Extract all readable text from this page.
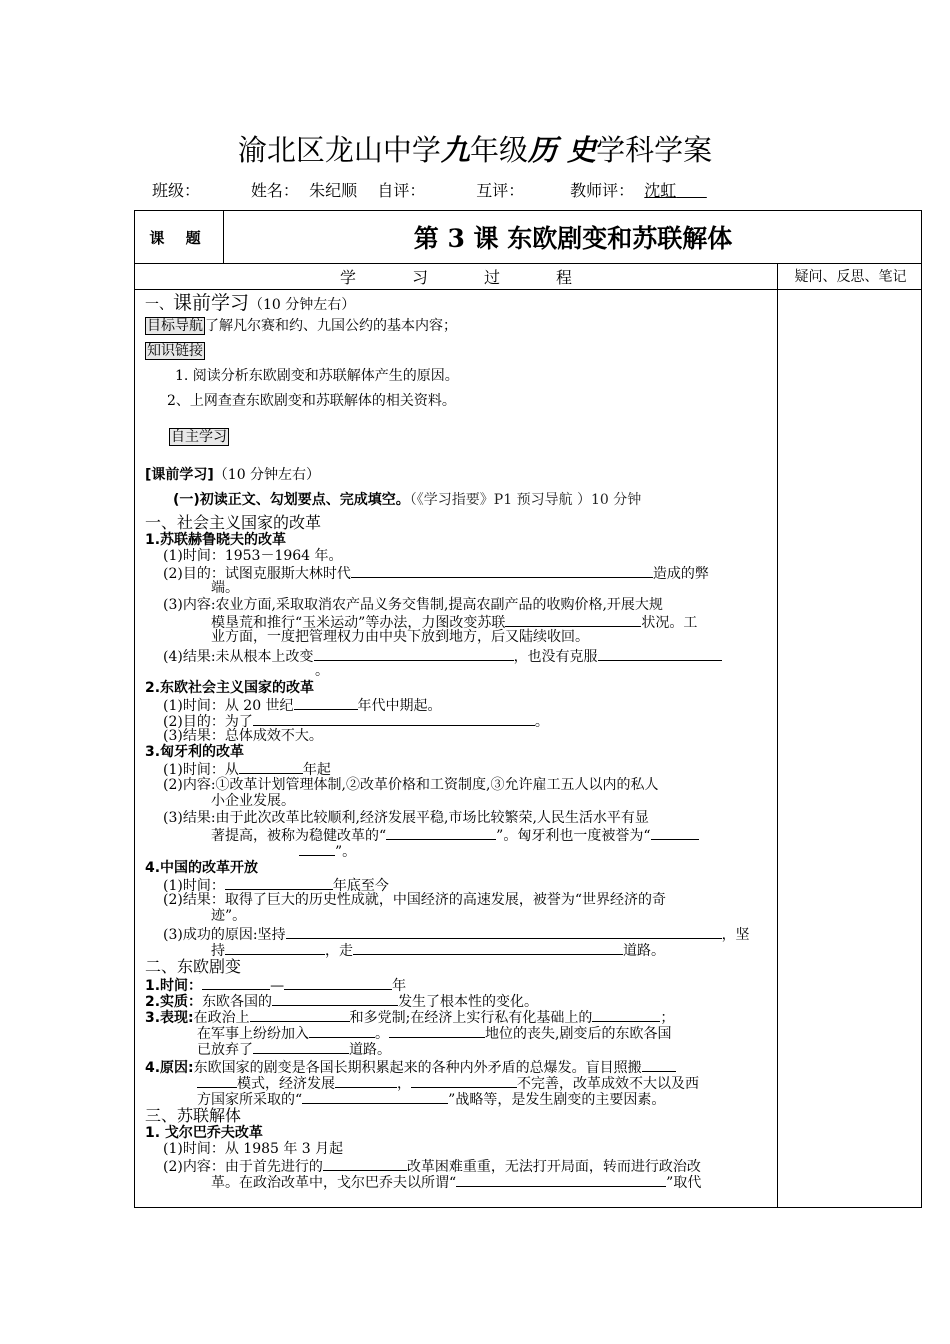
渝北区龙山中学九年级历 史学科学案
班级：	姓名： 朱纪顺 自评：	互评：	教师评： 沈虹
课 题	第 3 课 东欧剧变和苏联解体
学习过程	疑问、反思、笔记
一、课前学习（10 分钟左右）
目标导航 了解凡尔赛和约、九国公约的基本内容；
知识链接
1. 阅读分析东欧剧变和苏联解体产生的原因。
2、上网查查东欧剧变和苏联解体的相关资料。
自主学习
[课前学习]（10 分钟左右）
(一)初读正文、勾划要点、完成填空。（《学习指要》P1 预习导航 ）10 分钟
一、社会主义国家的改革
1.苏联赫鲁晓夫的改革
(1)时间：1953－1964 年。
(2)目的：试图克服斯大林时代	造成的弊
端。
(3)内容:农业方面,采取取消农产品义务交售制,提高农副产品的收购价格,开展大规
模垦荒和推行“玉米运动”等办法，力图改变苏联	状况。工
业方面，一度把管理权力由中央下放到地方，后又陆续收回。
(4)结果:未从根本上改变	，也没有克服
。
2.东欧社会主义国家的改革
(1)时间：从 20 世纪	年代中期起。
(2)目的：为了	。
(3)结果：总体成效不大。
3.匈牙利的改革
(1)时间：从	年起
(2)内容:①改革计划管理体制,②改革价格和工资制度,③允许雇工五人以内的私人
小企业发展。
(3)结果:由于此次改革比较顺利,经济发展平稳,市场比较繁荣,人民生活水平有显
著提高，被称为稳健改革的“	”。匈牙利也一度被誉为“
”。
4.中国的改革开放
(1)时间：	年底至今
(2)结果：取得了巨大的历史性成就，中国经济的高速发展，被誉为“世界经济的奇
迹”。
(3)成功的原因:坚持	，坚
持	，走	道路。
二、东欧剧变
1.时间：	—	年
2.实质：东欧各国的	发生了根本性的变化。
3.表现:在政治上	和多党制;在经济上实行私有化基础上的	；
在军事上纷纷加入	。	地位的丧失,剧变后的东欧各国
已放弃了	道路。
4.原因:东欧国家的剧变是各国长期积累起来的各种内外矛盾的总爆发。盲目照搬
模式，经济发展	，	不完善，改革成效不大以及西
方国家所采取的“	”战略等，是发生剧变的主要因素。
三、苏联解体
1. 戈尔巴乔夫改革
(1)时间：从 1985 年 3 月起
(2)内容：由于首先进行的	改革困难重重，无法打开局面，转而进行政治改
革。在政治改革中，戈尔巴乔夫以所谓“	”取代
